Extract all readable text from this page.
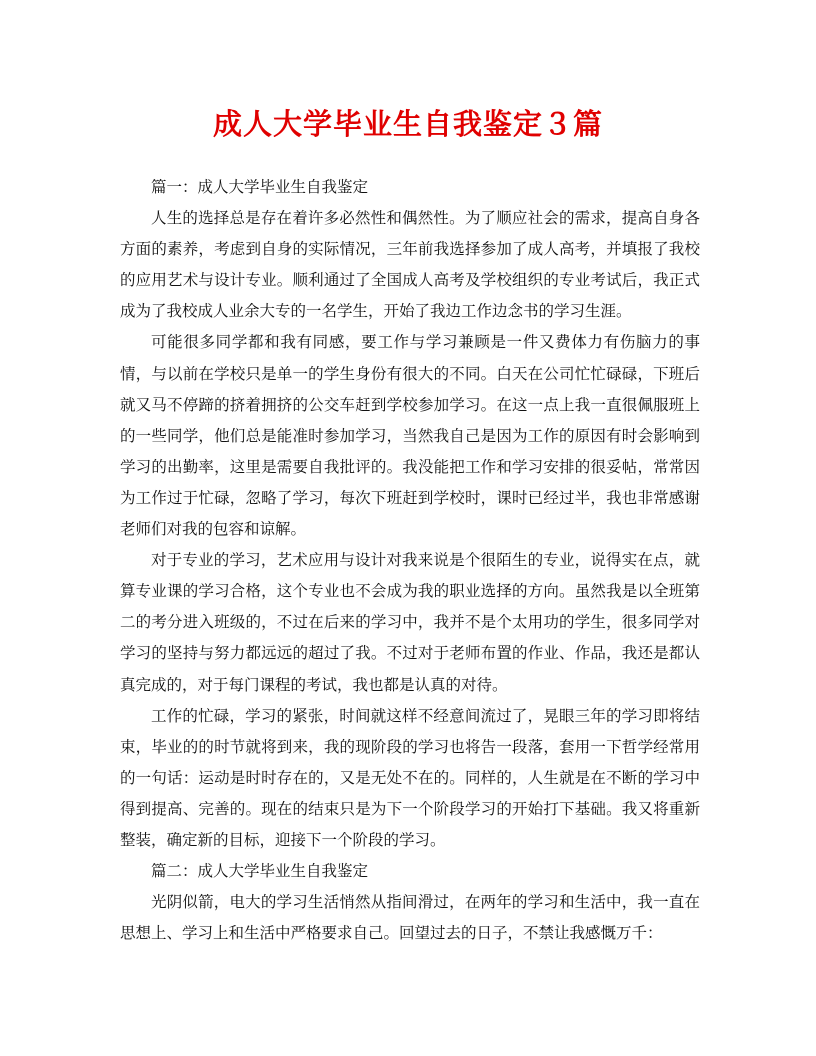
成人大学毕业生自我鉴定３篇

篇一：成人大学毕业生自我鉴定

人生的选择总是存在着许多必然性和偶然性。为了顺应社会的需求，提高自身各方面的素养，考虑到自身的实际情况，三年前我选择参加了成人高考，并填报了我校的应用艺术与设计专业。顺利通过了全国成人高考及学校组织的专业考试后，我正式成为了我校成人业余大专的一名学生，开始了我边工作边念书的学习生涯。

可能很多同学都和我有同感，要工作与学习兼顾是一件又费体力有伤脑力的事情，与以前在学校只是单一的学生身份有很大的不同。白天在公司忙忙碌碌，下班后就又马不停蹄的挤着拥挤的公交车赶到学校参加学习。在这一点上我一直很佩服班上的一些同学，他们总是能准时参加学习，当然我自己是因为工作的原因有时会影响到学习的出勤率，这里是需要自我批评的。我没能把工作和学习安排的很妥帖，常常因为工作过于忙碌，忽略了学习，每次下班赶到学校时，课时已经过半，我也非常感谢老师们对我的包容和谅解。

对于专业的学习，艺术应用与设计对我来说是个很陌生的专业，说得实在点，就算专业课的学习合格，这个专业也不会成为我的职业选择的方向。虽然我是以全班第二的考分进入班级的，不过在后来的学习中，我并不是个太用功的学生，很多同学对学习的坚持与努力都远远的超过了我。不过对于老师布置的作业、作品，我还是都认真完成的，对于每门课程的考试，我也都是认真的对待。

工作的忙碌，学习的紧张，时间就这样不经意间流过了，晃眼三年的学习即将结束，毕业的的时节就将到来，我的现阶段的学习也将告一段落，套用一下哲学经常用的一句话：运动是时时存在的，又是无处不在的。同样的，人生就是在不断的学习中得到提高、完善的。现在的结束只是为下一个阶段学习的开始打下基础。我又将重新整装，确定新的目标，迎接下一个阶段的学习。

篇二：成人大学毕业生自我鉴定

光阴似箭，电大的学习生活悄然从指间滑过，在两年的学习和生活中，我一直在思想上、学习上和生活中严格要求自己。回望过去的日子，不禁让我感慨万千：
